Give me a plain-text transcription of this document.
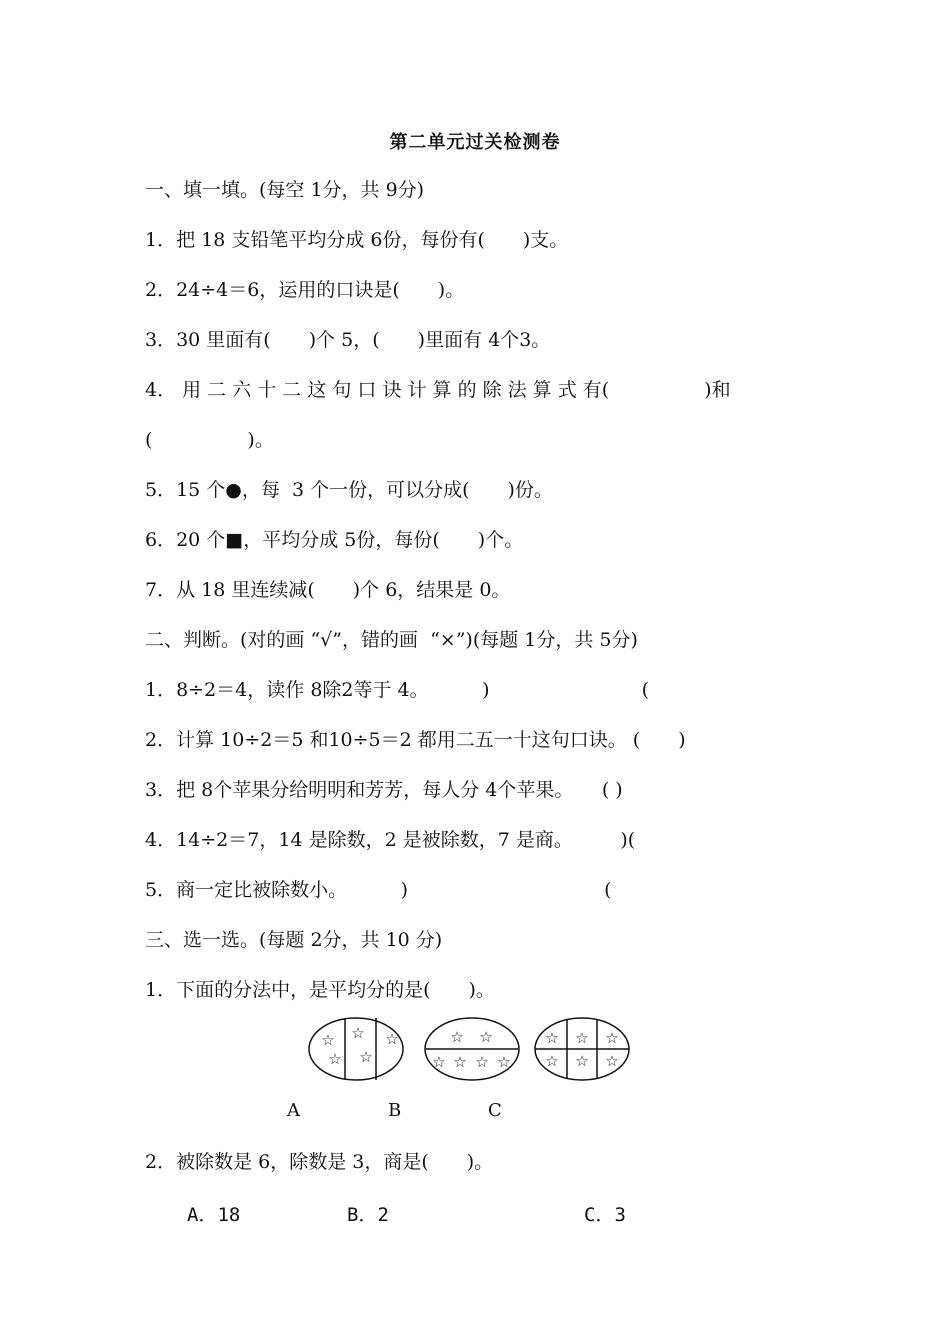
第二单元过关检测卷
一、填一填。(每空 1分，共 9分)
1．把 18 支铅笔平均分成 6份，每份有(　　)支。
2．24÷4＝6，运用的口诀是(　　)。
3．30 里面有(　　)个 5，(　　)里面有 4个3。
4． 用 二 六 十 二 这 句 口 诀 计 算 的 除 法 算 式 有(　　　　　)和
(　　　　　)。
5．15 个●，每  3 个一份，可以分成(　　)份。
6．20 个■，平均分成 5份，每份(　　)个。
7．从 18 里连续减(　　)个 6，结果是 0。
二、判断。(对的画 “√”，错的画  “×”)(每题 1分，共 5分)
1．8÷2＝4，读作 8除2等于 4。　　　 )　　　　　　　　(
2．计算 10÷2＝5 和10÷5＝2 都用二五一十这句口诀。 (　　)
3．把 8个苹果分给明明和芳芳，每人分 4个苹果。　　( )
4．14÷2＝7，14 是除数，2 是被除数，7 是商。　　　)(
5．商一定比被除数小。　　　 )　　　　　　　　　　 (
三、选一选。(每题 2分，共 10 分)
1．下面的分法中，是平均分的是(　　)。
☆
☆
☆
☆
☆	☆ ☆
☆ ☆ ☆ ☆
☆ ☆ ☆
☆ ☆ ☆
A	B	C
2．被除数是 6，除数是 3，商是(　　)。
A．18	B．2	C．3
